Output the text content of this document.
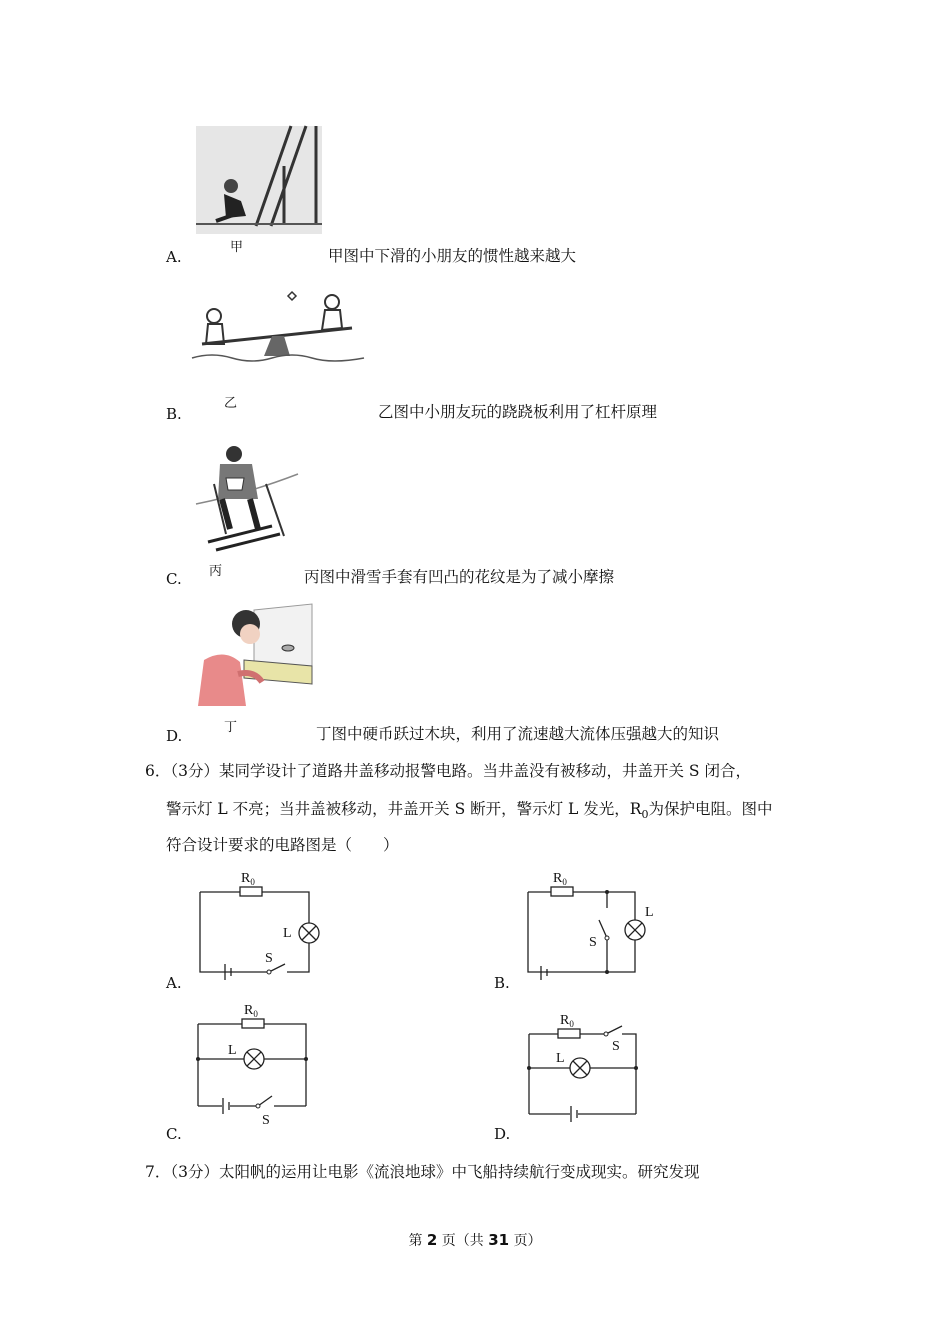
甲
A.	甲图中下滑的小朋友的惯性越来越大
乙
B.	乙图中小朋友玩的跷跷板利用了杠杆原理
丙
C.	丙图中滑雪手套有凹凸的花纹是为了减小摩擦
丁
D.	丁图中硬币跃过木块，利用了流速越大流体压强越大的知识
6．（3分）某同学设计了道路井盖移动报警电路。当井盖没有被移动，井盖开关 S 闭合，
警示灯 L 不亮；当井盖被移动，井盖开关 S 断开，警示灯 L 发光，$R_0$为保护电阻。图中
符合设计要求的电路图是（　　）
$R_0$
L
S
A.
$R_0$
L
S
B.
$R_0$
L
S
C.
$R_0$
L
S
D.
7．（3分）太阳帆的运用让电影《流浪地球》中飞船持续航行变成现实。研究发现
第 2 页（共 31 页）
